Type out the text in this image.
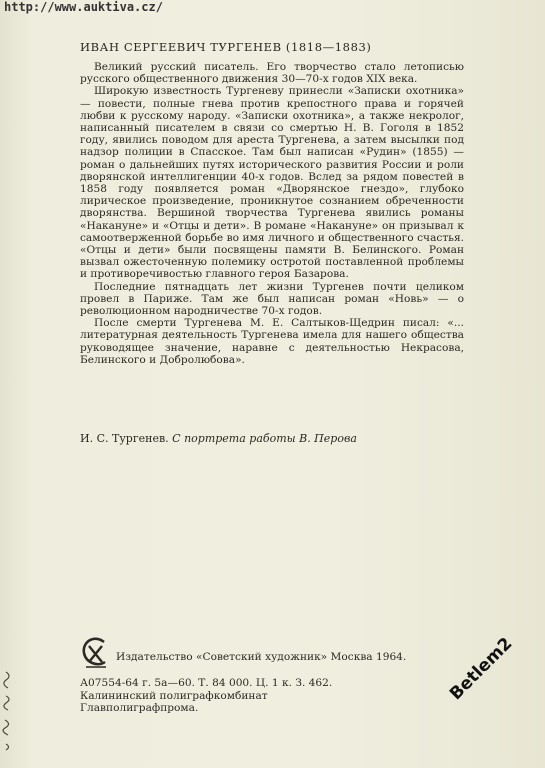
http://www.auktiva.cz/
ИВАН СЕРГЕЕВИЧ ТУРГЕНЕВ (1818—1883)

Великий русский писатель. Его творчество стало летописью русского общественного движения 30—70-х годов XIX века.

Широкую известность Тургеневу принесли «Записки охотника» — повести, полные гнева против крепостного права и горячей любви к русскому народу. «Записки охотника», а также некролог, написанный писателем в связи со смертью Н. В. Гоголя в 1852 году, явились поводом для ареста Тургенева, а затем высылки под надзор полиции в Спасское. Там был написан «Рудин» (1855) — роман о дальнейших путях исторического развития России и роли дворянской интеллигенции 40-х годов. Вслед за рядом повестей в 1858 году появляется роман «Дворянское гнездо», глубоко лирическое произведение, проникнутое сознанием обреченности дворянства. Вершиной творчества Тургенева явились романы «Накануне» и «Отцы и дети». В романе «Накануне» он призывал к самоотверженной борьбе во имя личного и общественного счастья. «Отцы и дети» были посвящены памяти В. Белинского. Роман вызвал ожесточенную полемику остротой поставленной проблемы и противоречивостью главного героя Базарова.

Последние пятнадцать лет жизни Тургенев почти целиком провел в Париже. Там же был написан роман «Новь» — о революционном народничестве 70-х годов.

После смерти Тургенева М. Е. Салтыков-Щедрин писал: «... литературная деятельность Тургенева имела для нашего общества руководящее значение, наравне с деятельностью Некрасова, Белинского и Добролюбова».

И. С. Тургенев. С портрета работы В. Перова
Издательство «Советский художник» Москва 1964.
А07554-64 г. 5а—60. Т. 84 000. Ц. 1 к. З. 462.
Калининский полиграфкомбинат
Главполиграфпрома.
Betlem2
